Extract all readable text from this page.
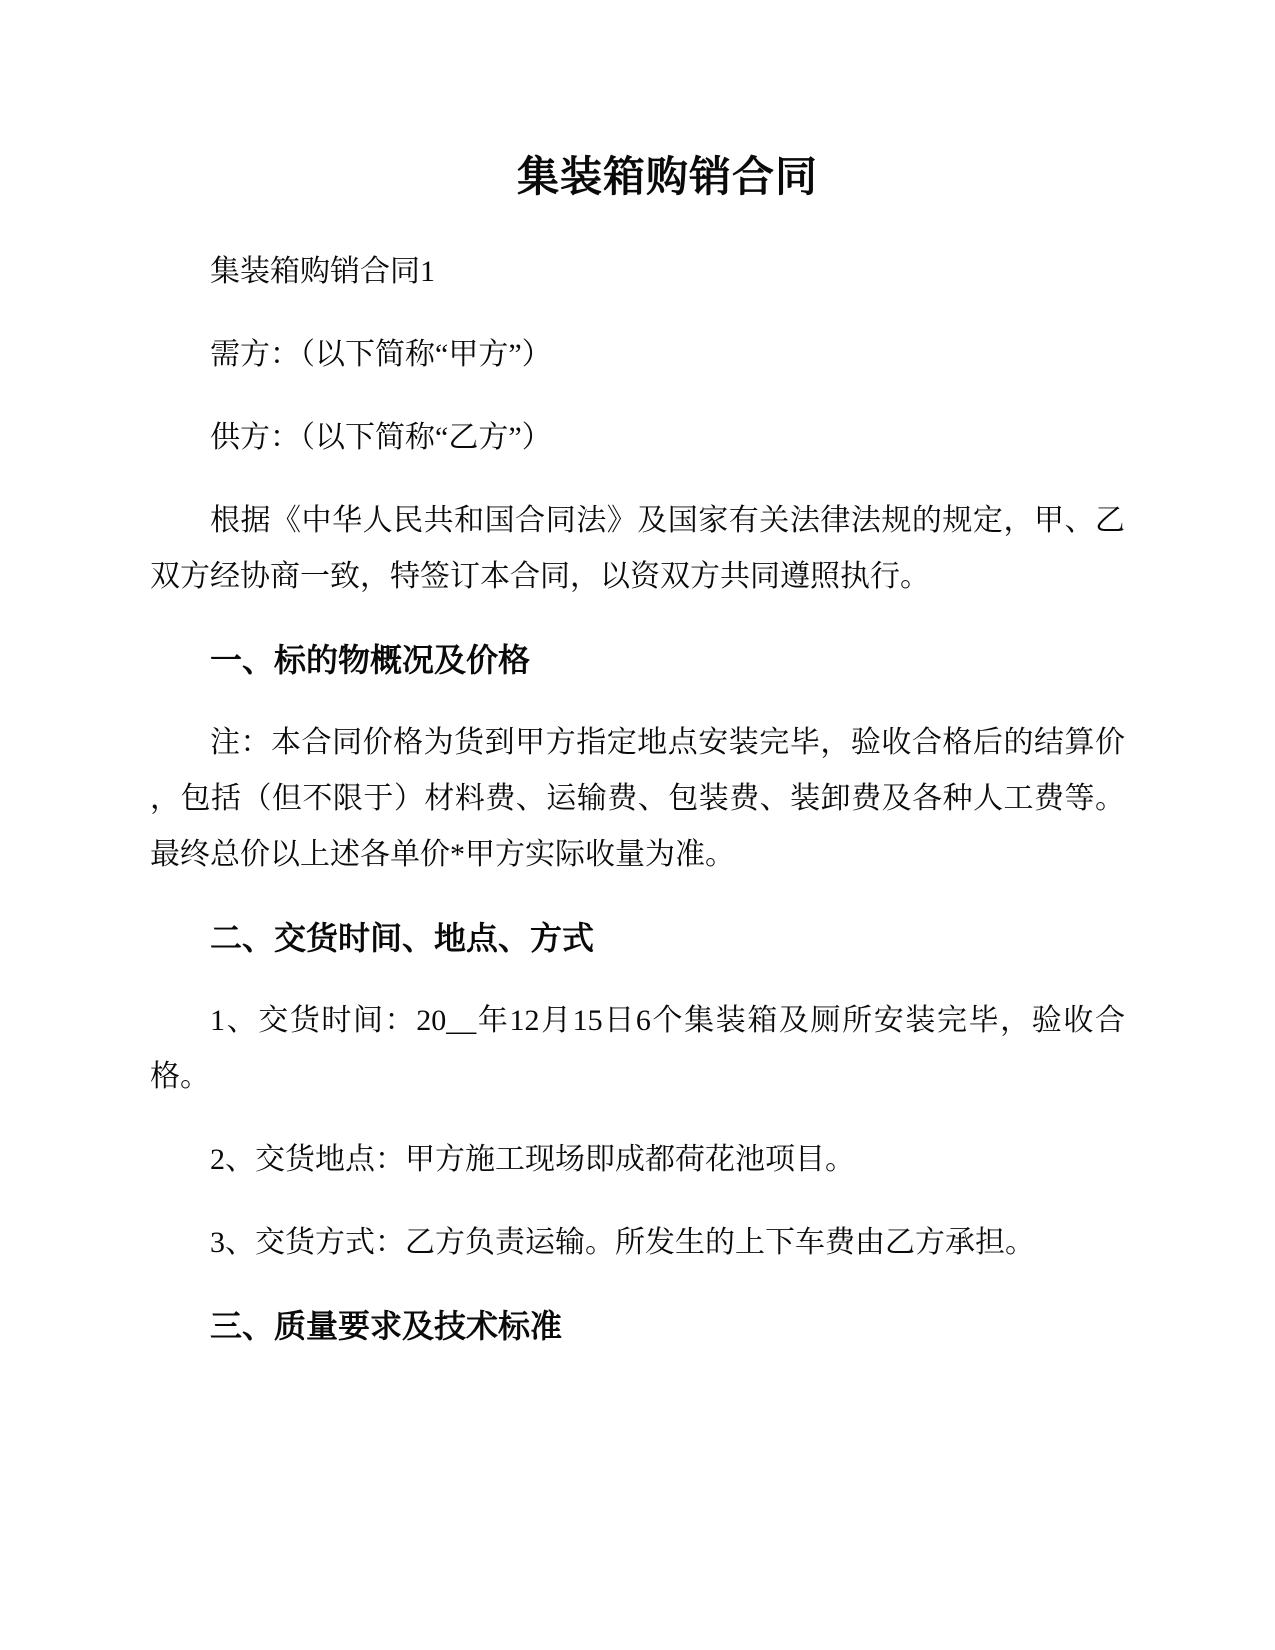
集装箱购销合同
集装箱购销合同1
需方：（以下简称“甲方”）
供方：（以下简称“乙方”）
根据《中华人民共和国合同法》及国家有关法律法规的规定，甲、乙
双方经协商一致，特签订本合同，以资双方共同遵照执行。
一、标的物概况及价格
注：本合同价格为货到甲方指定地点安装完毕，验收合格后的结算价
，包括（但不限于）材料费、运输费、包装费、装卸费及各种人工费等。
最终总价以上述各单价*甲方实际收量为准。
二、交货时间、地点、方式
1、交货时间：20__年12月15日6个集装箱及厕所安装完毕，验收合
格。
2、交货地点：甲方施工现场即成都荷花池项目。
3、交货方式：乙方负责运输。所发生的上下车费由乙方承担。
三、质量要求及技术标准
